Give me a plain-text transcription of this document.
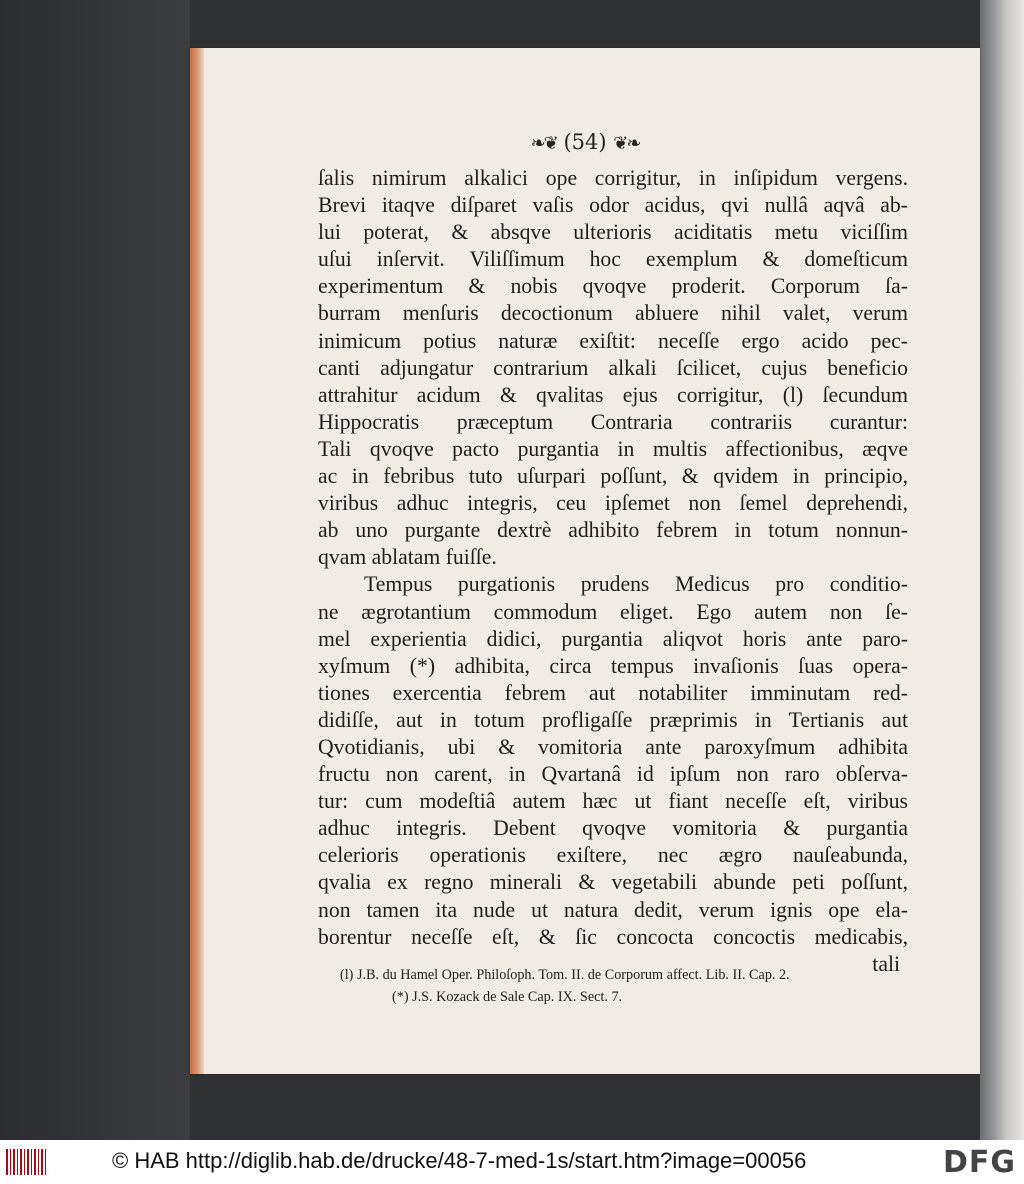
❧❦ (54) ❦❧
ſalis nimirum alkalici ope corrigitur, in inſipidum vergens.
Brevi itaqve diſparet vaſis odor acidus, qvi nullâ aqvâ ab-
lui poterat, & absqve ulterioris aciditatis metu viciſſim
uſui inſervit. Viliſſimum hoc exemplum & domeſticum
experimentum & nobis qvoqve proderit. Corporum ſa-
burram menſuris decoctionum abluere nihil valet, verum
inimicum potius naturæ exiſtit: neceſſe ergo acido pec-
canti adjungatur contrarium alkali ſcilicet, cujus beneficio
attrahitur acidum & qvalitas ejus corrigitur, (l) ſecundum
Hippocratis præceptum Contraria contrariis curantur:
Tali qvoqve pacto purgantia in multis affectionibus, æqve
ac in febribus tuto uſurpari poſſunt, & qvidem in principio,
viribus adhuc integris, ceu ipſemet non ſemel deprehendi,
ab uno purgante dextrè adhibito febrem in totum nonnun-
qvam ablatam fuiſſe.
Tempus purgationis prudens Medicus pro conditio-
ne ægrotantium commodum eliget. Ego autem non ſe-
mel experientia didici, purgantia aliqvot horis ante paro-
xyſmum (*) adhibita, circa tempus invaſionis ſuas opera-
tiones exercentia febrem aut notabiliter imminutam red-
didiſſe, aut in totum profligaſſe præprimis in Tertianis aut
Qvotidianis, ubi & vomitoria ante paroxyſmum adhibita
fructu non carent, in Qvartanâ id ipſum non raro obſerva-
tur: cum modeſtiâ autem hæc ut fiant neceſſe eſt, viribus
adhuc integris. Debent qvoqve vomitoria & purgantia
celerioris operationis exiſtere, nec ægro nauſeabunda,
qvalia ex regno minerali & vegetabili abunde peti poſſunt,
non tamen ita nude ut natura dedit, verum ignis ope ela-
borentur neceſſe eſt, & ſic concocta concoctis medicabis,
tali
(l) J.B. du Hamel Oper. Philoſoph. Tom. II. de Corporum affect. Lib. II. Cap. 2.
(*) J.S. Kozack de Sale Cap. IX. Sect. 7.
© HAB http://diglib.hab.de/drucke/48-7-med-1s/start.htm?image=00056	DFG
